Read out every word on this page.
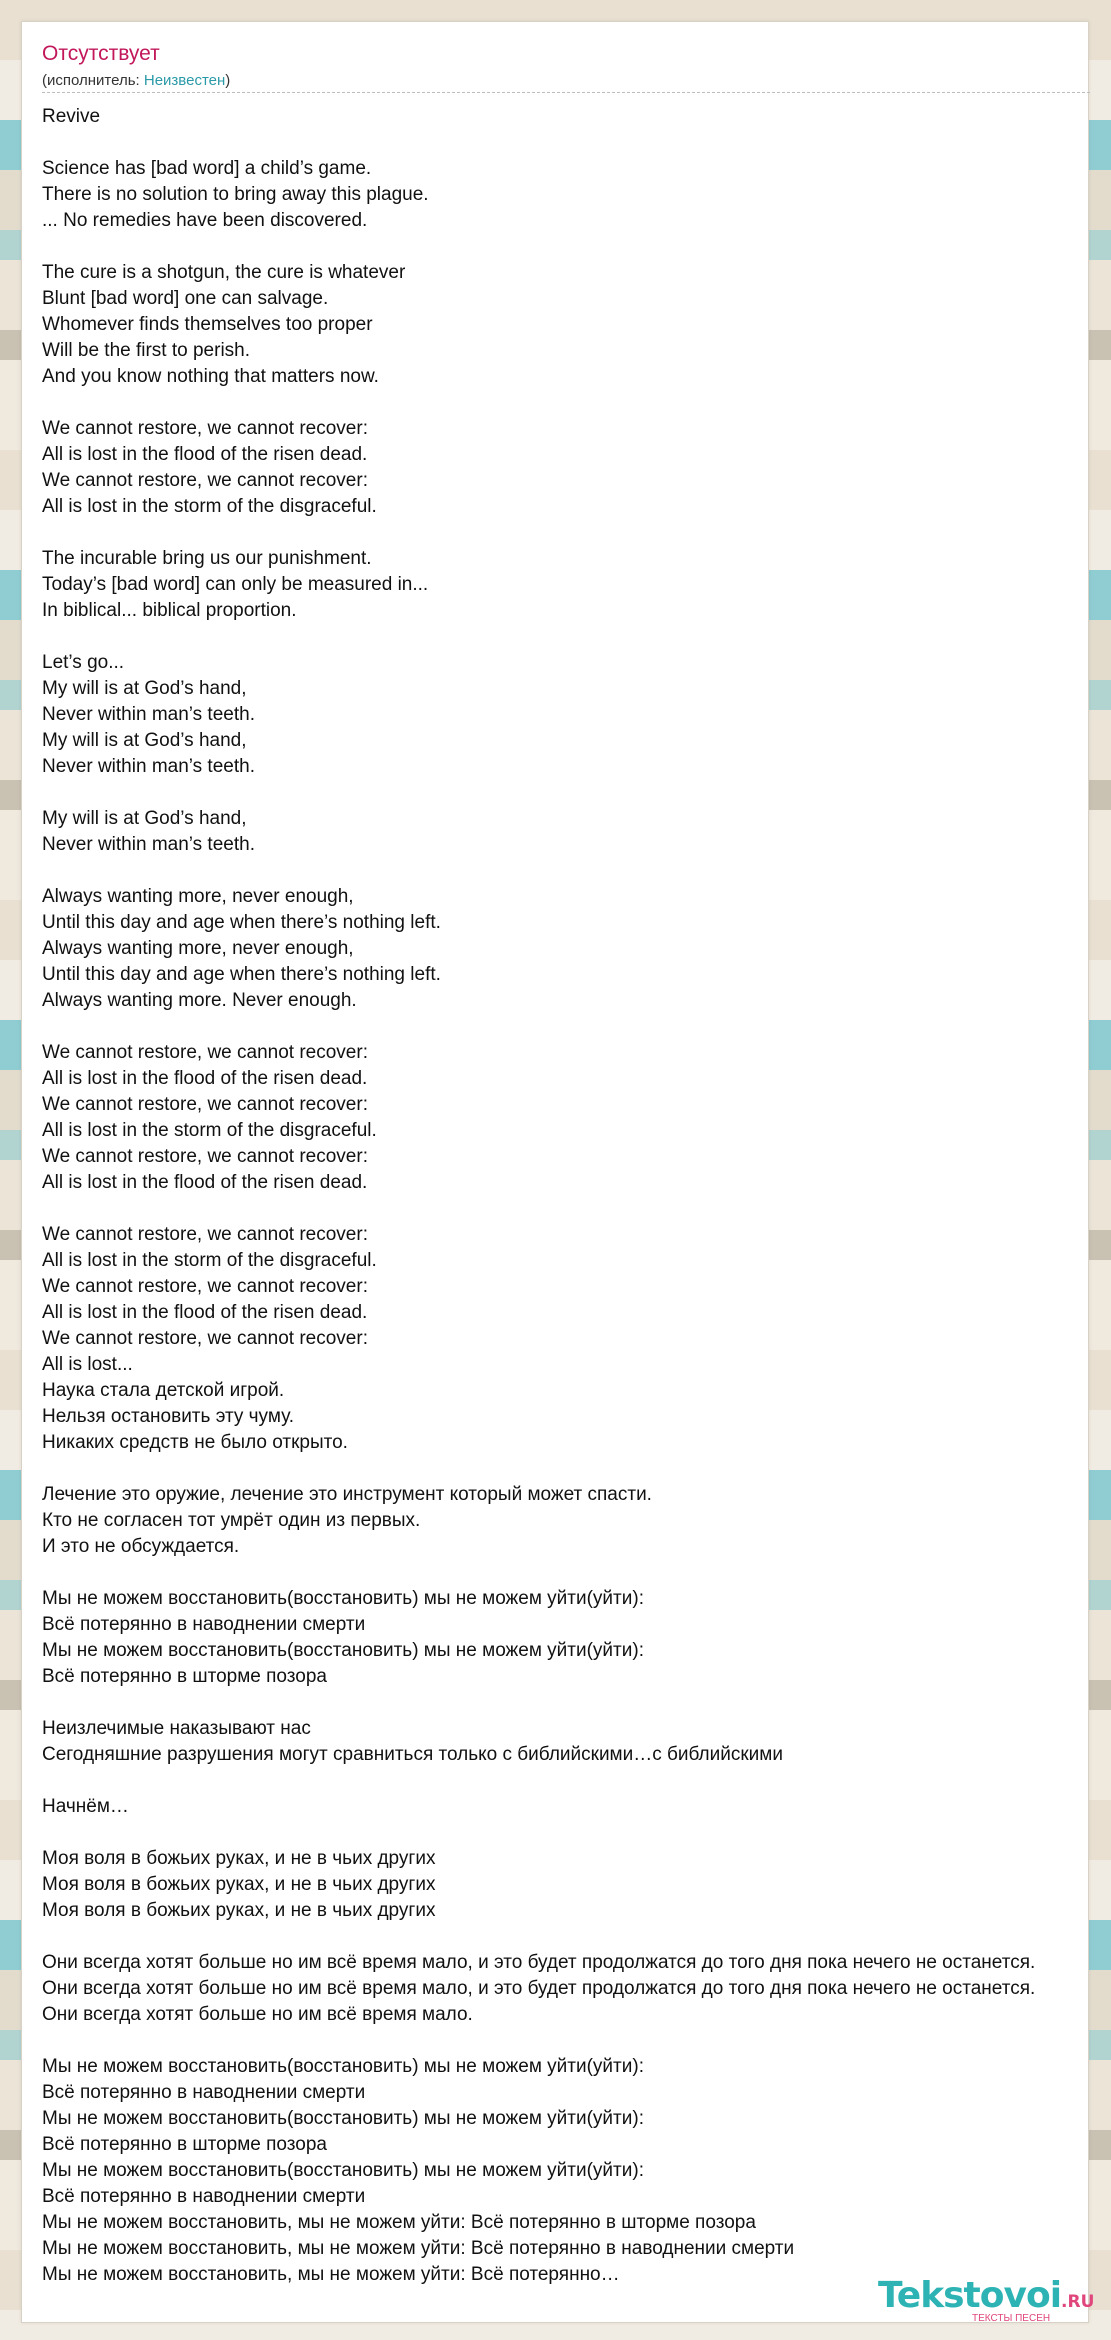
Отсутствует
(исполнитель: Неизвестен)
Revive
Science has [bad word] a child’s game.
There is no solution to bring away this plague.
... No remedies have been discovered.
The cure is a shotgun, the cure is whatever
Blunt [bad word] one can salvage.
Whomever finds themselves too proper
Will be the first to perish.
And you know nothing that matters now.
We cannot restore, we cannot recover:
All is lost in the flood of the risen dead.
We cannot restore, we cannot recover:
All is lost in the storm of the disgraceful.
The incurable bring us our punishment.
Today’s [bad word] can only be measured in...
In biblical... biblical proportion.
Let’s go...
My will is at God’s hand,
Never within man’s teeth.
My will is at God’s hand,
Never within man’s teeth.
My will is at God’s hand,
Never within man’s teeth.
Always wanting more, never enough,
Until this day and age when there’s nothing left.
Always wanting more, never enough,
Until this day and age when there’s nothing left.
Always wanting more. Never enough.
We cannot restore, we cannot recover:
All is lost in the flood of the risen dead.
We cannot restore, we cannot recover:
All is lost in the storm of the disgraceful.
We cannot restore, we cannot recover:
All is lost in the flood of the risen dead.
We cannot restore, we cannot recover:
All is lost in the storm of the disgraceful.
We cannot restore, we cannot recover:
All is lost in the flood of the risen dead.
We cannot restore, we cannot recover:
All is lost...
Наука стала детской игрой.
Нельзя остановить эту чуму.
Никаких средств не было открыто.
Лечение это оружие, лечение это инструмент который может спасти.
Кто не согласен тот умрёт один из первых.
И это не обсуждается.
Мы не можем восстановить(восстановить) мы не можем уйти(уйти):
Всё потерянно в наводнении смерти
Мы не можем восстановить(восстановить) мы не можем уйти(уйти):
Всё потерянно в шторме позора
Неизлечимые наказывают нас
Сегодняшние разрушения могут сравниться только с библийскими…с библийскими
Начнём…
Моя воля в божьих руках, и не в чьих других
Моя воля в божьих руках, и не в чьих других
Моя воля в божьих руках, и не в чьих других
Они всегда хотят больше но им всё время мало, и это будет продолжатся до того дня пока нечего не останется.
Они всегда хотят больше но им всё время мало, и это будет продолжатся до того дня пока нечего не останется.
Они всегда хотят больше но им всё время мало.
Мы не можем восстановить(восстановить) мы не можем уйти(уйти):
Всё потерянно в наводнении смерти
Мы не можем восстановить(восстановить) мы не можем уйти(уйти):
Всё потерянно в шторме позора
Мы не можем восстановить(восстановить) мы не можем уйти(уйти):
Всё потерянно в наводнении смерти
Мы не можем восстановить, мы не можем уйти: Всё потерянно в шторме позора
Мы не можем восстановить, мы не можем уйти: Всё потерянно в наводнении смерти
Мы не можем восстановить, мы не можем уйти: Всё потерянно…
Tekstovoi.RU
ТЕКСТЫ ПЕСЕН
